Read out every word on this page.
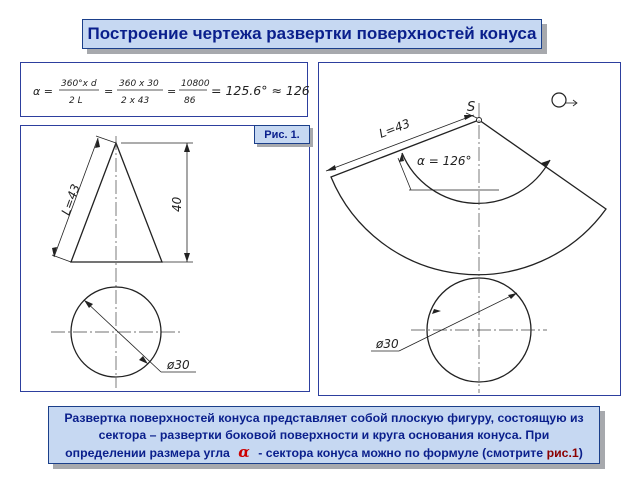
Построение чертежа развертки поверхностей конуса
α =
360°x d
2 L
=
360 x 30
2 x 43
=
10800
86
= 125.6° ≈ 126°
L=43	40
ø30
Рис. 1.
S
L=43
α = 126°
ø30
Развертка поверхностей конуса представляет собой плоскую фигуру, состоящую из сектора – развертки боковой поверхности и круга основания конуса. При определении размера угла α - сектора конуса можно по формуле (смотрите рис.1)
